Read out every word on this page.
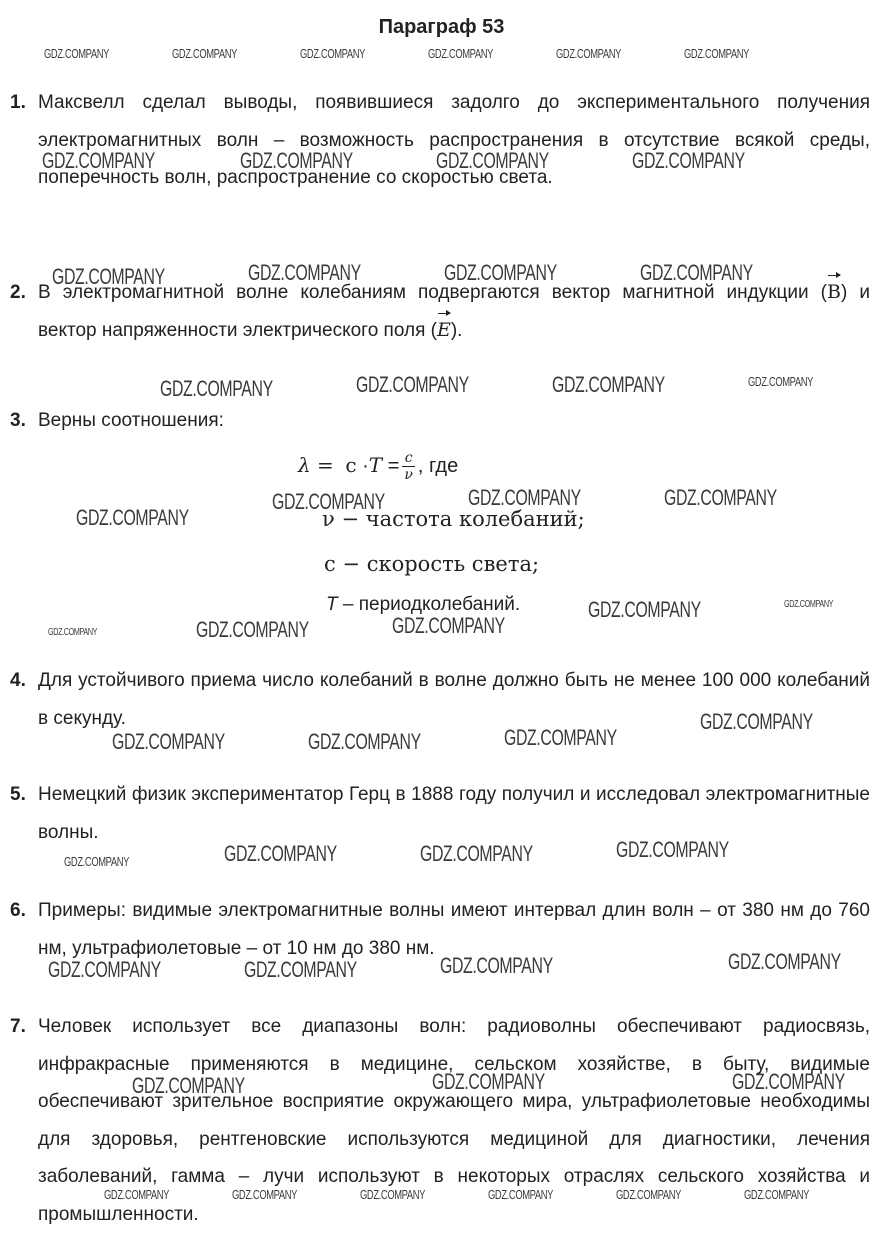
Параграф 53
1. Максвелл сделал выводы, появившиеся задолго до экспериментального получения электромагнитных волн – возможность распространения в отсутствие всякой среды, поперечность волн, распространение со скоростью света.
2. В электромагнитной волне колебаниям подвергаются вектор магнитной индукции (B) и вектор напряженности электрического поля (E).
3. Верны соотношения:
$\lambda = c \cdot T = \frac{c}{\nu}$ , где
ν − частота колебаний;
c − скорость света;
T – периодколебаний.
4. Для устойчивого приема число колебаний в волне должно быть не менее 100 000 колебаний в секунду.
5. Немецкий физик экспериментатор Герц в 1888 году получил и исследовал электромагнитные волны.
6. Примеры: видимые электромагнитные волны имеют интервал длин волн – от 380 нм до 760 нм, ультрафиолетовые – от 10 нм до 380 нм.
7. Человек использует все диапазоны волн: радиоволны обеспечивают радиосвязь, инфракрасные применяются в медицине, сельском хозяйстве, в быту, видимые обеспечивают зрительное восприятие окружающего мира, ультрафиолетовые необходимы для здоровья, рентгеновские используются медициной для диагностики, лечения заболеваний, гамма – лучи используют в некоторых отраслях сельского хозяйства и промышленности.
GDZ.COMPANY	GDZ.COMPANY	GDZ.COMPANY	GDZ.COMPANY	GDZ.COMPANY	GDZ.COMPANY
GDZ.COMPANY	GDZ.COMPANY	GDZ.COMPANY	GDZ.COMPANY
GDZ.COMPANY	GDZ.COMPANY	GDZ.COMPANY	GDZ.COMPANY
GDZ.COMPANY	GDZ.COMPANY	GDZ.COMPANY	GDZ.COMPANY
GDZ.COMPANY
GDZ.COMPANY	GDZ.COMPANY	GDZ.COMPANY
GDZ.COMPANY	GDZ.COMPANY	GDZ.COMPANY
GDZ.COMPANY	GDZ.COMPANY
GDZ.COMPANY	GDZ.COMPANY	GDZ.COMPANY
GDZ.COMPANY
GDZ.COMPANY	GDZ.COMPANY	GDZ.COMPANY	GDZ.COMPANY
GDZ.COMPANY	GDZ.COMPANY	GDZ.COMPANY	GDZ.COMPANY
GDZ.COMPANY	GDZ.COMPANY	GDZ.COMPANY
GDZ.COMPANY	GDZ.COMPANY	GDZ.COMPANY	GDZ.COMPANY	GDZ.COMPANY	GDZ.COMPANY
